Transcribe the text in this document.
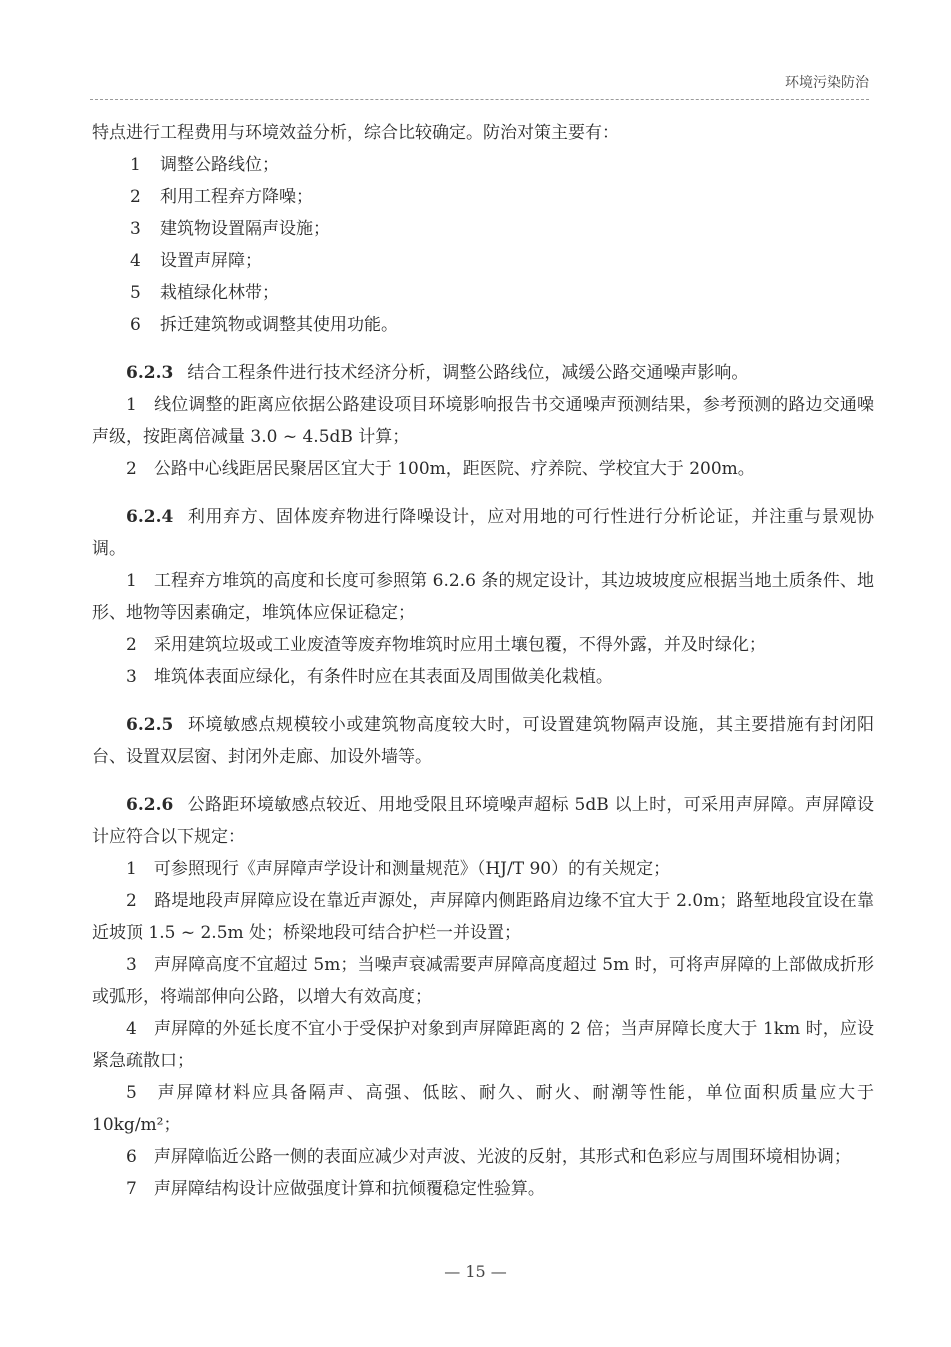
环境污染防治

特点进行工程费用与环境效益分析，综合比较确定。防治对策主要有：

1 调整公路线位；

2 利用工程弃方降噪；

3 建筑物设置隔声设施；

4 设置声屏障；

5 栽植绿化林带；

6 拆迁建筑物或调整其使用功能。

6.2.3 结合工程条件进行技术经济分析，调整公路线位，减缓公路交通噪声影响。

1　 线位调整的距离应依据公路建设项目环境影响报告书交通噪声预测结果，参考预测的路边交通噪声级，按距离倍减量 3.0 ~ 4.5dB 计算；

2　 公路中心线距居民聚居区宜大于 100m，距医院、疗养院、学校宜大于 200m。

6.2.4 利用弃方、固体废弃物进行降噪设计，应对用地的可行性进行分析论证，并注重与景观协调。

1　 工程弃方堆筑的高度和长度可参照第 6.2.6 条的规定设计，其边坡坡度应根据当地土质条件、地形、地物等因素确定，堆筑体应保证稳定；

2　 采用建筑垃圾或工业废渣等废弃物堆筑时应用土壤包覆，不得外露，并及时绿化；

3　 堆筑体表面应绿化，有条件时应在其表面及周围做美化栽植。

6.2.5 环境敏感点规模较小或建筑物高度较大时，可设置建筑物隔声设施，其主要措施有封闭阳台、设置双层窗、封闭外走廊、加设外墙等。

6.2.6 公路距环境敏感点较近、用地受限且环境噪声超标 5dB 以上时，可采用声屏障。声屏障设计应符合以下规定：

1　 可参照现行《声屏障声学设计和测量规范》（HJ/T 90）的有关规定；

2　 路堤地段声屏障应设在靠近声源处，声屏障内侧距路肩边缘不宜大于 2.0m；路堑地段宜设在靠近坡顶 1.5 ~ 2.5m 处；桥梁地段可结合护栏一并设置；

3　 声屏障高度不宜超过 5m；当噪声衰减需要声屏障高度超过 5m 时，可将声屏障的上部做成折形或弧形，将端部伸向公路，以增大有效高度；

4　 声屏障的外延长度不宜小于受保护对象到声屏障距离的 2 倍；当声屏障长度大于 1km 时，应设紧急疏散口；

5　 声屏障材料应具备隔声、高强、低眩、耐久、耐火、耐潮等性能，单位面积质量应大于 10kg/m²；

6　 声屏障临近公路一侧的表面应减少对声波、光波的反射，其形式和色彩应与周围环境相协调；

7　 声屏障结构设计应做强度计算和抗倾覆稳定性验算。

— 15 —
